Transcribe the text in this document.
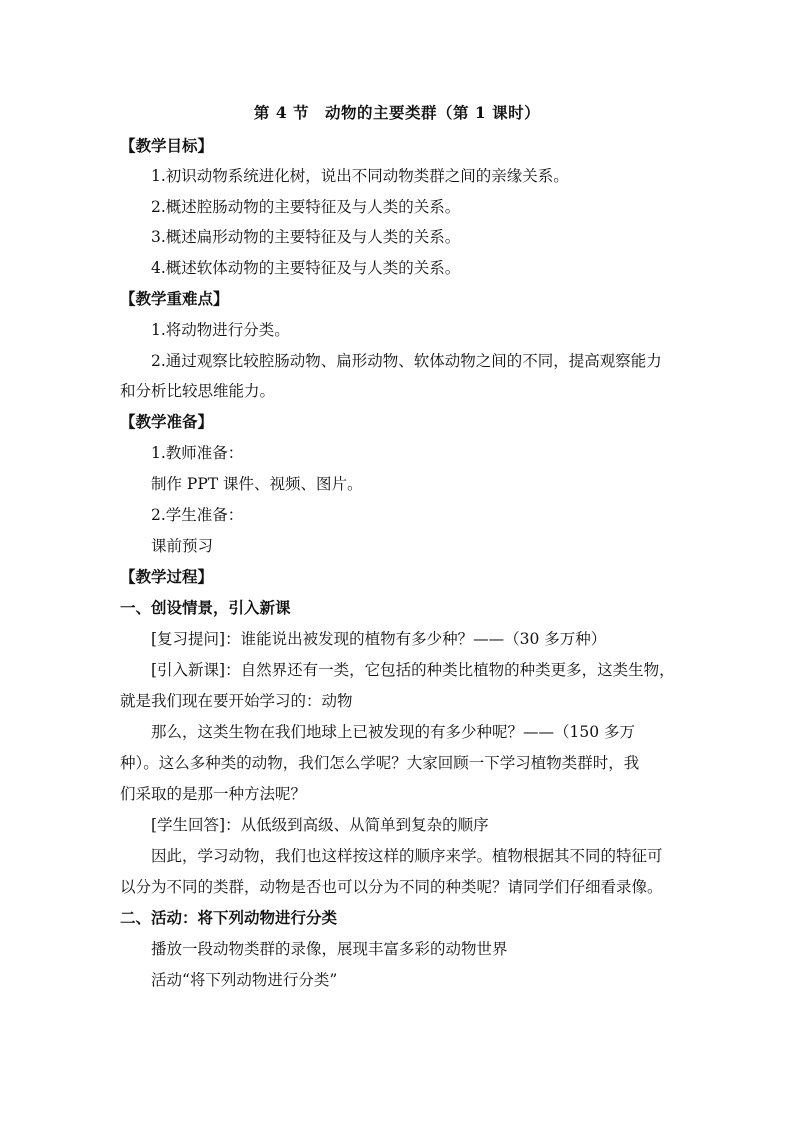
第 4 节　动物的主要类群（第 1 课时）
【教学目标】
1.初识动物系统进化树，说出不同动物类群之间的亲缘关系。
2.概述腔肠动物的主要特征及与人类的关系。
3.概述扁形动物的主要特征及与人类的关系。
4.概述软体动物的主要特征及与人类的关系。
【教学重难点】
1.将动物进行分类。
2.通过观察比较腔肠动物、扁形动物、软体动物之间的不同，提高观察能力
和分析比较思维能力。
【教学准备】
1.教师准备：
制作 PPT 课件、视频、图片。
2.学生准备：
课前预习
【教学过程】
一、创设情景，引入新课
[复习提问]：谁能说出被发现的植物有多少种？——（30 多万种）
[引入新课]：自然界还有一类，它包括的种类比植物的种类更多，这类生物，
就是我们现在要开始学习的：动物
那么，这类生物在我们地球上已被发现的有多少种呢？——（150 多万
种）。这么多种类的动物，我们怎么学呢？大家回顾一下学习植物类群时，我
们采取的是那一种方法呢？
[学生回答]：从低级到高级、从简单到复杂的顺序
因此，学习动物，我们也这样按这样的顺序来学。植物根据其不同的特征可
以分为不同的类群，动物是否也可以分为不同的种类呢？请同学们仔细看录像。
二、活动：将下列动物进行分类
播放一段动物类群的录像，展现丰富多彩的动物世界
活动“将下列动物进行分类”
